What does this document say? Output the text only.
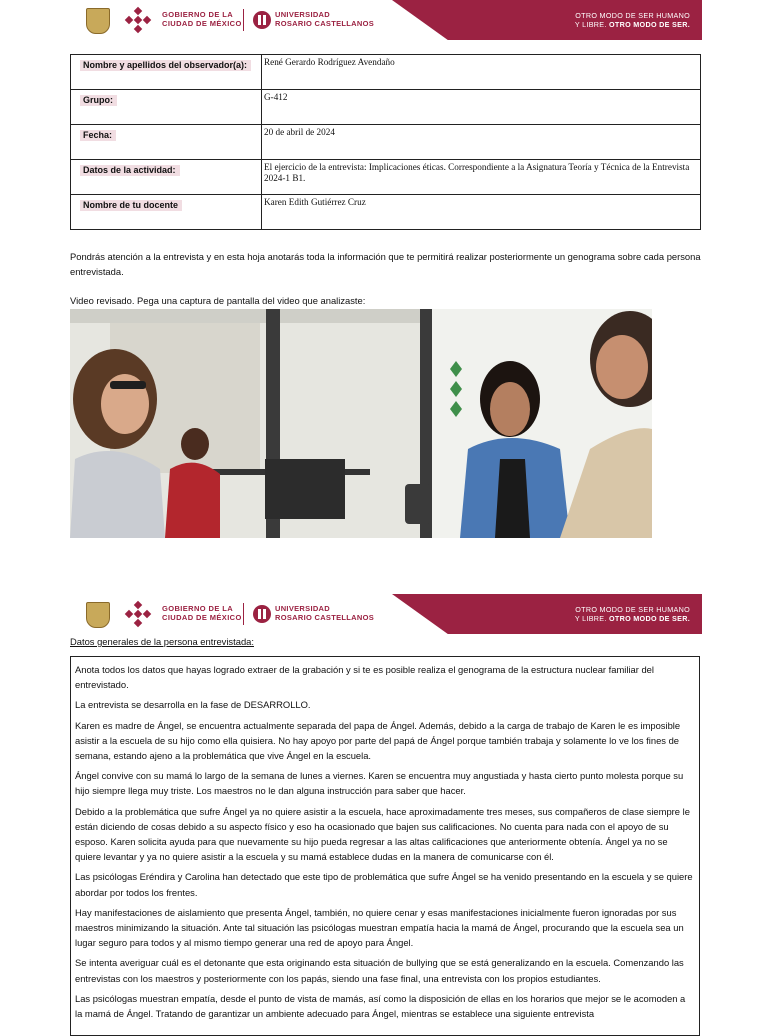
GOBIERNO DE LA
CIUDAD DE MÉXICO
UNIVERSIDAD
ROSARIO CASTELLANOS
OTRO MODO DE SER HUMANO
Y LIBRE. OTRO MODO DE SER.
Nombre y apellidos del observador(a):	René Gerardo Rodríguez Avendaño
Grupo:	G-412
Fecha:	20 de abril de 2024
Datos de la actividad:	El ejercicio de la entrevista: Implicaciones éticas. Correspondiente a la Asignatura Teoría y Técnica de la Entrevista 2024-1 B1.
Nombre de tu docente	Karen Edith Gutiérrez Cruz
Pondrás atención a la entrevista y en esta hoja anotarás toda la información que te permitirá realizar posteriormente un genograma sobre cada persona entrevistada.
Video revisado. Pega una captura de pantalla del video que analizaste:
GOBIERNO DE LA
CIUDAD DE MÉXICO
UNIVERSIDAD
ROSARIO CASTELLANOS
OTRO MODO DE SER HUMANO
Y LIBRE. OTRO MODO DE SER.
Datos generales de la persona entrevistada:

Anota todos los datos que hayas logrado extraer de la grabación y si te es posible realiza el genograma de la estructura nuclear familiar del entrevistado.

La entrevista se desarrolla en la fase de DESARROLLO.

Karen es madre de Ángel, se encuentra actualmente separada del papa de Ángel. Además, debido a la carga de trabajo de Karen le es imposible asistir a la escuela de su hijo como ella quisiera. No hay apoyo por parte del papá de Ángel porque también trabaja y solamente lo ve los fines de semana, estando ajeno a la problemática que vive Ángel en la escuela.

Ángel convive con su mamá lo largo de la semana de lunes a viernes. Karen se encuentra muy angustiada y hasta cierto punto molesta porque su hijo siempre llega muy triste. Los maestros no le dan alguna instrucción para saber que hacer.

Debido a la problemática que sufre Ángel ya no quiere asistir a la escuela, hace aproximadamente tres meses, sus compañeros de clase siempre le están diciendo de cosas debido a su aspecto físico y eso ha ocasionado que bajen sus calificaciones. No cuenta para nada con el apoyo de su esposo. Karen solicita ayuda para que nuevamente su hijo pueda regresar a las altas calificaciones que anteriormente obtenía. Ángel ya no se quiere levantar y ya no quiere asistir a la escuela y su mamá establece dudas en la manera de comunicarse con él.

Las psicólogas Eréndira y Carolina han detectado que este tipo de problemática que sufre Ángel se ha venido presentando en la escuela y se quiere abordar por todos los frentes.

Hay manifestaciones de aislamiento que presenta Ángel, también, no quiere cenar y esas manifestaciones inicialmente fueron ignoradas por sus maestros minimizando la situación. Ante tal situación las psicólogas muestran empatía hacia la mamá de Ángel, procurando que la escuela sea un lugar seguro para todos y al mismo tiempo generar una red de apoyo para Ángel.

Se intenta averiguar cuál es el detonante que esta originando esta situación de bullying que se está generalizando en la escuela. Comenzando las entrevistas con los maestros y posteriormente con los papás, siendo una fase final, una entrevista con los propios estudiantes.

Las psicólogas muestran empatía, desde el punto de vista de mamás, así como la disposición de ellas en los horarios que mejor se le acomoden a la mamá de Ángel. Tratando de garantizar un ambiente adecuado para Ángel, mientras se establece una siguiente entrevista
